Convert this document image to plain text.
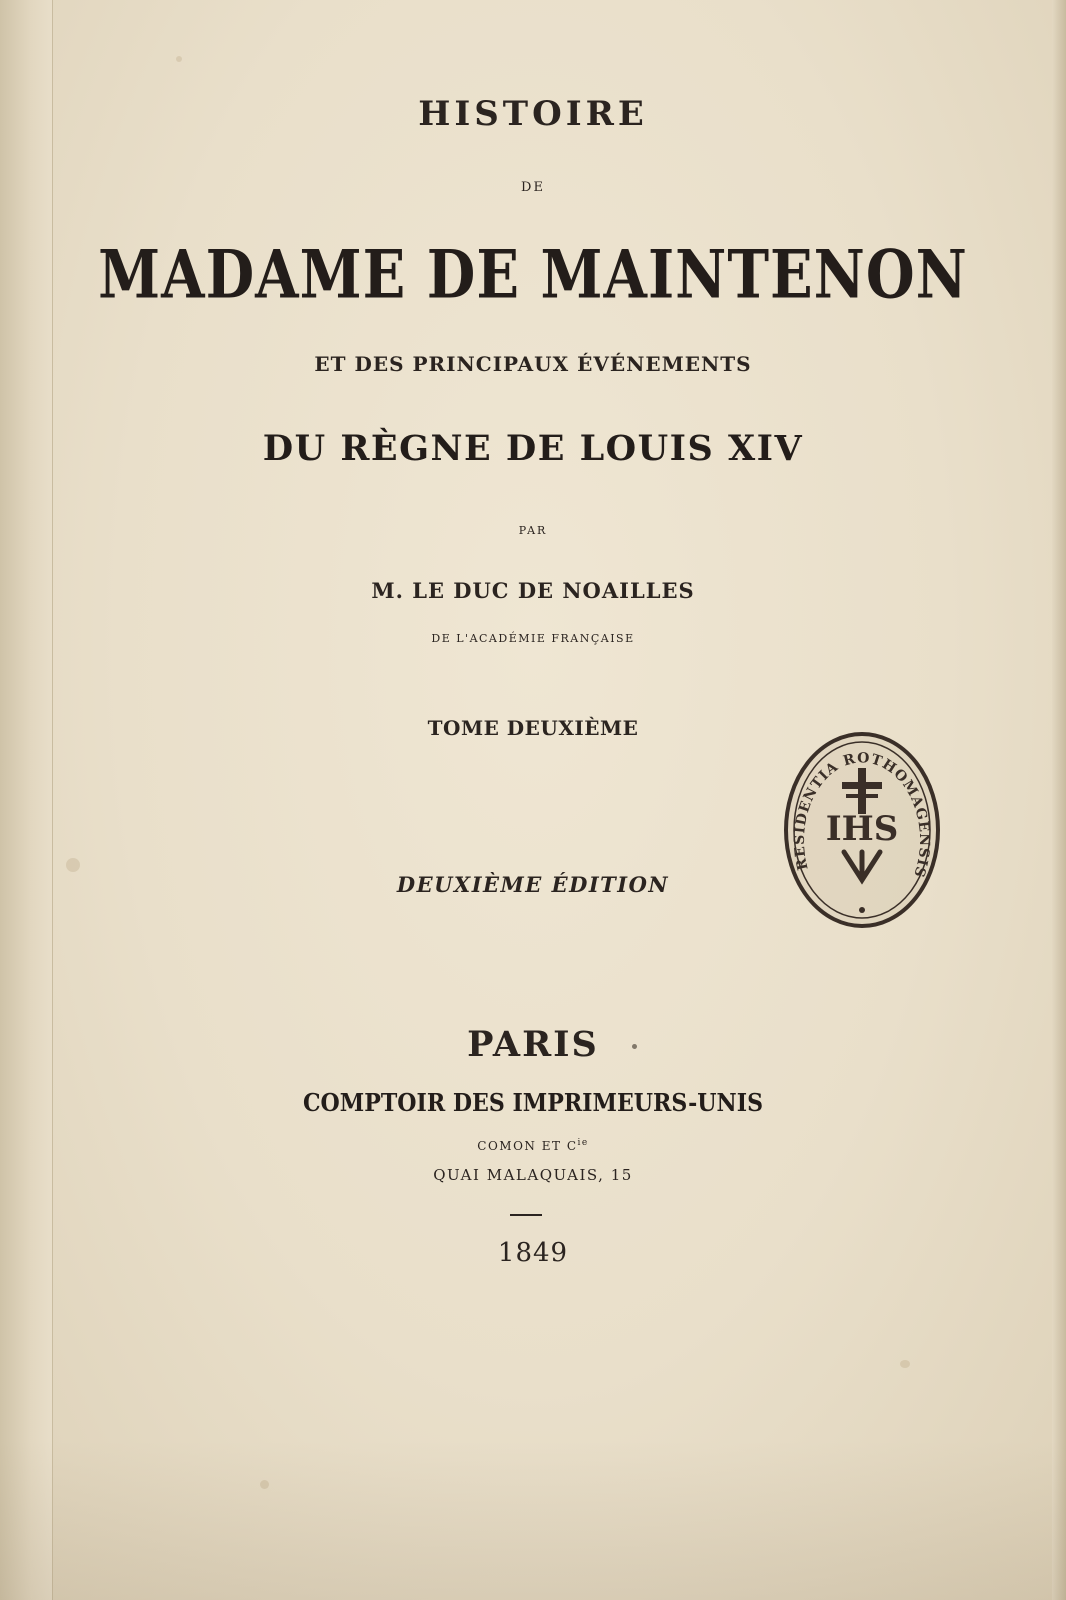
HISTOIRE

DE

MADAME DE MAINTENON

ET DES PRINCIPAUX ÉVÉNEMENTS

DU RÈGNE DE LOUIS XIV

PAR

M. LE DUC DE NOAILLES

DE L'ACADÉMIE FRANÇAISE

TOME DEUXIÈME

DEUXIÈME ÉDITION

PARIS

COMPTOIR DES IMPRIMEURS-UNIS

COMON ET $C^{ie}$

QUAI MALAQUAIS, 15

1849

RESIDENTIA ROTHOMAGENSIS
IHS
